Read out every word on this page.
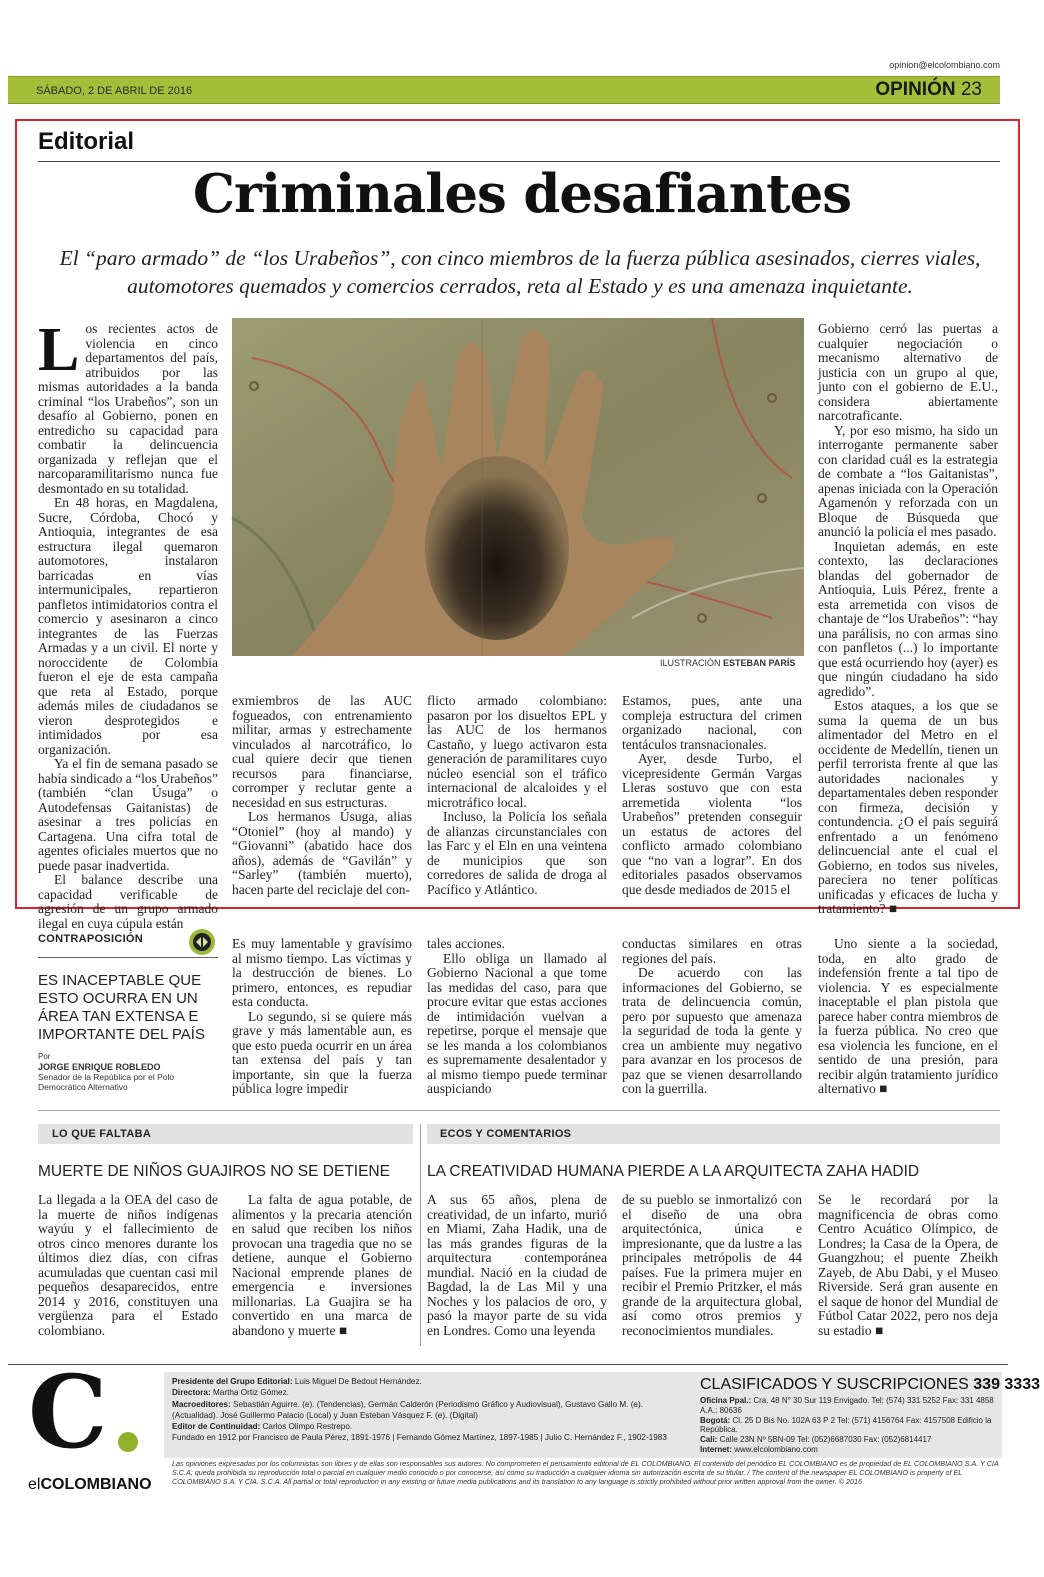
opinion@elcolombiano.com
SÁBADO, 2 DE ABRIL DE 2016	OPINIÓN 23
Editorial
Criminales desafiantes
El “paro armado” de “los Urabeños”, con cinco miembros de la fuerza pública asesinados, cierres viales, automotores quemados y comercios cerrados, reta al Estado y es una amenaza inquietante.

Los recientes actos de violencia en cinco departamentos del país, atribuidos por las mismas autoridades a la banda criminal “los Urabeños”, son un desafío al Gobierno, ponen en entredicho su capacidad para combatir la delincuencia organizada y reflejan que el narcoparamilitarismo nunca fue desmontado en su totalidad.

En 48 horas, en Magdalena, Sucre, Córdoba, Chocó y Antioquia, integrantes de esa estructura ilegal quemaron automotores, instalaron barricadas en vías intermunicipales, repartieron panfletos intimidatorios contra el comercio y asesinaron a cinco integrantes de las Fuerzas Armadas y a un civil. El norte y noroccidente de Colombia fueron el eje de esta campaña que reta al Estado, porque además miles de ciudadanos se vieron desprotegidos e intimidados por esa organización.

Ya el fin de semana pasado se había sindicado a “los Urabeños” (también “clan Úsuga” o Autodefensas Gaitanistas) de asesinar a tres policías en Cartagena. Una cifra total de agentes oficiales muertos que no puede pasar inadvertida.

El balance describe una capacidad verificable de agresión de un grupo armado ilegal en cuya cúpula están

ILUSTRACIÓN ESTEBAN PARÍS

exmiembros de las AUC fogueados, con entrenamiento militar, armas y estrechamente vinculados al narcotráfico, lo cual quiere decir que tienen recursos para financiarse, corromper y reclutar gente a necesidad en sus estructuras.

Los hermanos Úsuga, alias “Otoniel” (hoy al mando) y “Giovanni” (abatido hace dos años), además de “Gavilán” y “Sarley” (también muerto), hacen parte del reciclaje del con-

flicto armado colombiano: pasaron por los disueltos EPL y las AUC de los hermanos Castaño, y luego activaron esta generación de paramilitares cuyo núcleo esencial son el tráfico internacional de alcaloides y el microtráfico local.

Incluso, la Policía los señala de alianzas circunstanciales con las Farc y el Eln en una veintena de municipios que son corredores de salida de droga al Pacífico y Atlántico.

Estamos, pues, ante una compleja estructura del crimen organizado nacional, con tentáculos transnacionales.

Ayer, desde Turbo, el vicepresidente Germán Vargas Lleras sostuvo que con esta arremetida violenta “los Urabeños” pretenden conseguir un estatus de actores del conflicto armado colombiano que “no van a lograr”. En dos editoriales pasados observamos que desde mediados de 2015 el

Gobierno cerró las puertas a cualquier negociación o mecanismo alternativo de justicia con un grupo al que, junto con el gobierno de E.U., considera abiertamente narcotraficante.

Y, por eso mismo, ha sido un interrogante permanente saber con claridad cuál es la estrategia de combate a “los Gaitanistas”, apenas iniciada con la Operación Agamenón y reforzada con un Bloque de Búsqueda que anunció la policía el mes pasado.

Inquietan además, en este contexto, las declaraciones blandas del gobernador de Antioquia, Luis Pérez, frente a esta arremetida con visos de chantaje de “los Urabeños”: “hay una parálisis, no con armas sino con panfletos (...) lo importante que está ocurriendo hoy (ayer) es que ningún ciudadano ha sido agredido”.

Estos ataques, a los que se suma la quema de un bus alimentador del Metro en el occidente de Medellín, tienen un perfil terrorista frente al que las autoridades nacionales y departamentales deben responder con firmeza, decisión y contundencia. ¿O el país seguirá enfrentado a un fenómeno delincuencial ante el cual el Gobierno, en todos sus niveles, pareciera no tener políticas unificadas y eficaces de lucha y tratamiento? ■

CONTRAPOSICIÓN
ES INACEPTABLE QUE ESTO OCURRA EN UN ÁREA TAN EXTENSA E IMPORTANTE DEL PAÍS
Por
JORGE ENRIQUE ROBLEDO
Senador de la República por el Polo Democrático Alternativo

Es muy lamentable y gravísimo al mismo tiempo. Las víctimas y la destrucción de bienes. Lo primero, entonces, es repudiar esta conducta.

Lo segundo, si se quiere más grave y más lamentable aun, es que esto pueda ocurrir en un área tan extensa del país y tan importante, sin que la fuerza pública logre impedir

tales acciones.

Ello obliga un llamado al Gobierno Nacional a que tome las medidas del caso, para que procure evitar que estas acciones de intimidación vuelvan a repetirse, porque el mensaje que se les manda a los colombianos es supremamente desalentador y al mismo tiempo puede terminar auspiciando

conductas similares en otras regiones del país.

De acuerdo con las informaciones del Gobierno, se trata de delincuencia común, pero por supuesto que amenaza la seguridad de toda la gente y crea un ambiente muy negativo para avanzar en los procesos de paz que se vienen desarrollando con la guerrilla.

Uno siente a la sociedad, toda, en alto grado de indefensión frente a tal tipo de violencia. Y es especialmente inaceptable el plan pistola que parece haber contra miembros de la fuerza pública. No creo que esa violencia les funcione, en el sentido de una presión, para recibir algún tratamiento jurídico alternativo ■

LO QUE FALTABA
MUERTE DE NIÑOS GUAJIROS NO SE DETIENE

La llegada a la OEA del caso de la muerte de niños indígenas wayúu y el fallecimiento de otros cinco menores durante los últimos diez días, con cifras acumuladas que cuentan casi mil pequeños desaparecidos, entre 2014 y 2016, constituyen una vergüenza para el Estado colombiano.

La falta de agua potable, de alimentos y la precaria atención en salud que reciben los niños provocan una tragedia que no se detiene, aunque el Gobierno Nacional emprende planes de emergencia e inversiones millonarias. La Guajira se ha convertido en una marca de abandono y muerte ■

ECOS Y COMENTARIOS
LA CREATIVIDAD HUMANA PIERDE A LA ARQUITECTA ZAHA HADID

A sus 65 años, plena de creatividad, de un infarto, murió en Miami, Zaha Hadik, una de las más grandes figuras de la arquitectura contemporánea mundial. Nació en la ciudad de Bagdad, la de Las Mil y una Noches y los palacios de oro, y pasó la mayor parte de su vida en Londres. Como una leyenda

de su pueblo se inmortalizó con el diseño de una obra arquitectónica, única e impresionante, que da lustre a las principales metrópolis de 44 países. Fue la primera mujer en recibir el Premio Pritzker, el más grande de la arquitectura global, así como otros premios y reconocimientos mundiales.

Se le recordará por la magnificencia de obras como Centro Acuático Olímpico, de Londres; la Casa de la Ópera, de Guangzhou; el puente Zheikh Zayeb, de Abu Dabi, y el Museo Riverside. Será gran ausente en el saque de honor del Mundial de Fútbol Catar 2022, pero nos deja su estadio ■

C
elCOLOMBIANO
Presidente del Grupo Editorial: Luis Miguel De Bedout Hernández.
Directora: Martha Ortiz Gómez.
Macroeditores: Sebastián Aguirre. (e). (Tendencias), Germán Calderón (Periodismo Gráfico y Audiovisual), Gustavo Gallo M. (e). (Actualidad). José Guillermo Palacio (Local) y Juan Esteban Vásquez F. (e). (Digital)
Editor de Continuidad: Carlos Olimpo Restrepo.
Fundado en 1912 por Francisco de Paula Pérez, 1891-1976 | Fernando Gómez Martínez, 1897-1985 | Julio C. Hernández F., 1902-1983
CLASIFICADOS Y SUSCRIPCIONES 339 3333
Oficina Ppal.: Cra. 48 N° 30 Sur 119 Envigado. Tel: (574) 331 5252 Fax: 331 4858 A.A.: 80636
Bogotá: Cl. 25 D Bis No. 102A 63 P 2 Tel: (571) 4156764 Fax: 4157508 Edificio la República.
Cali: Calle 23N Nº 5BN-09 Tel: (052)6687030 Fax: (052)6814417
Internet: www.elcolombiano.com
Las opiniones expresadas por los columnistas son libres y de ellas son responsables sus autores. No comprometen el pensamiento editorial de EL COLOMBIANO. El contenido del periódico EL COLOMBIANO es de propiedad de EL COLOMBIANO S.A. Y CIA S.C.A; queda prohibida su reproducción total o parcial en cualquier medio conocido o por conocerse, así como su traducción a cualquier idioma sin autorización escrita de su titular. / The content of the newspaper EL COLOMBIANO is property of EL COLOMBIANO S.A. Y CIA. S.C.A. All partial or total reproduction in any existing or future media publications and its translation to any language is strictly prohibited without prior written approval from the owner. © 2016
